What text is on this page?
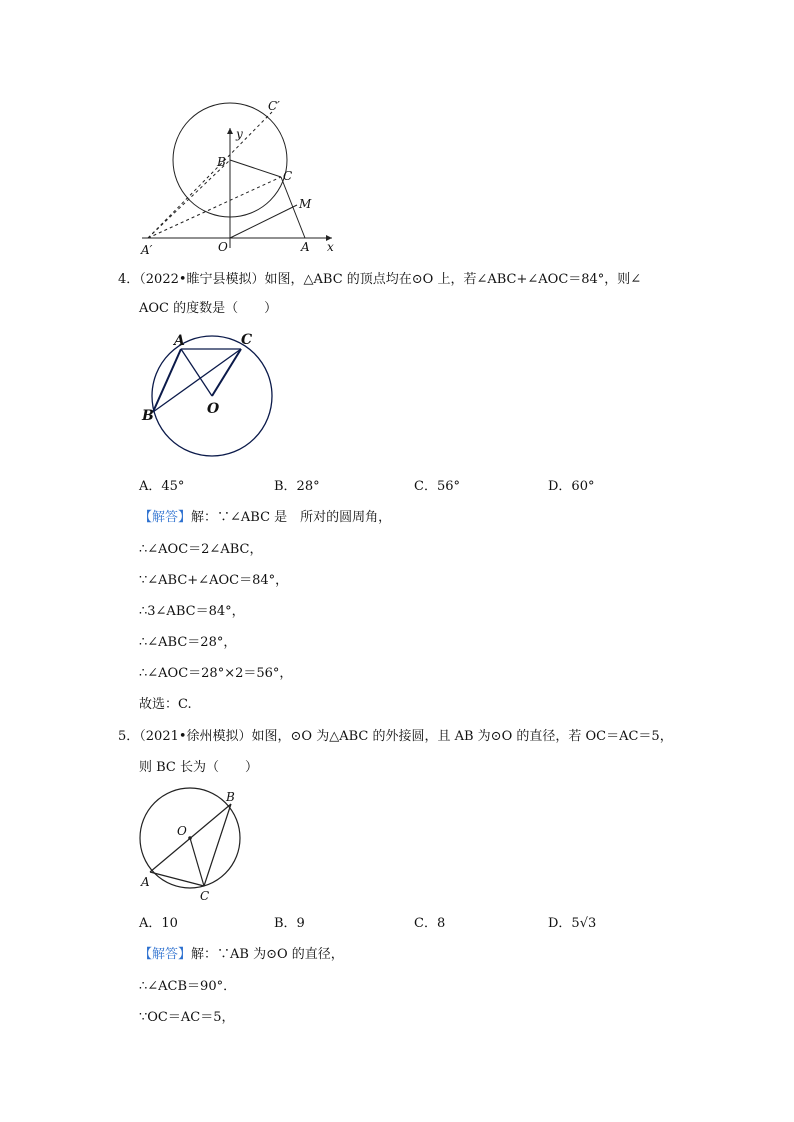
C′
y
B
C
M
A′	O	A x
4．（2022•睢宁县模拟）如图，△ABC 的顶点均在⊙O 上，若∠ABC+∠AOC＝84°，则∠
AOC 的度数是（　　）
A	C
B	O
A．45°	B．28°	C．56°	D．60°
【解答】解：∵∠ABC 是　所对的圆周角，
∴∠AOC＝2∠ABC，
∵∠ABC+∠AOC＝84°，
∴3∠ABC＝84°，
∴∠ABC＝28°，
∴∠AOC＝28°×2＝56°，
故选：C.
5．（2021•徐州模拟）如图，⊙O 为△ABC 的外接圆，且 AB 为⊙O 的直径，若 OC＝AC＝5，
则 BC 长为（　　）
B
O
A
C
A．10	B．9	C．8	D．5√3
【解答】解：∵AB 为⊙O 的直径，
∴∠ACB＝90°．
∵OC＝AC＝5，
